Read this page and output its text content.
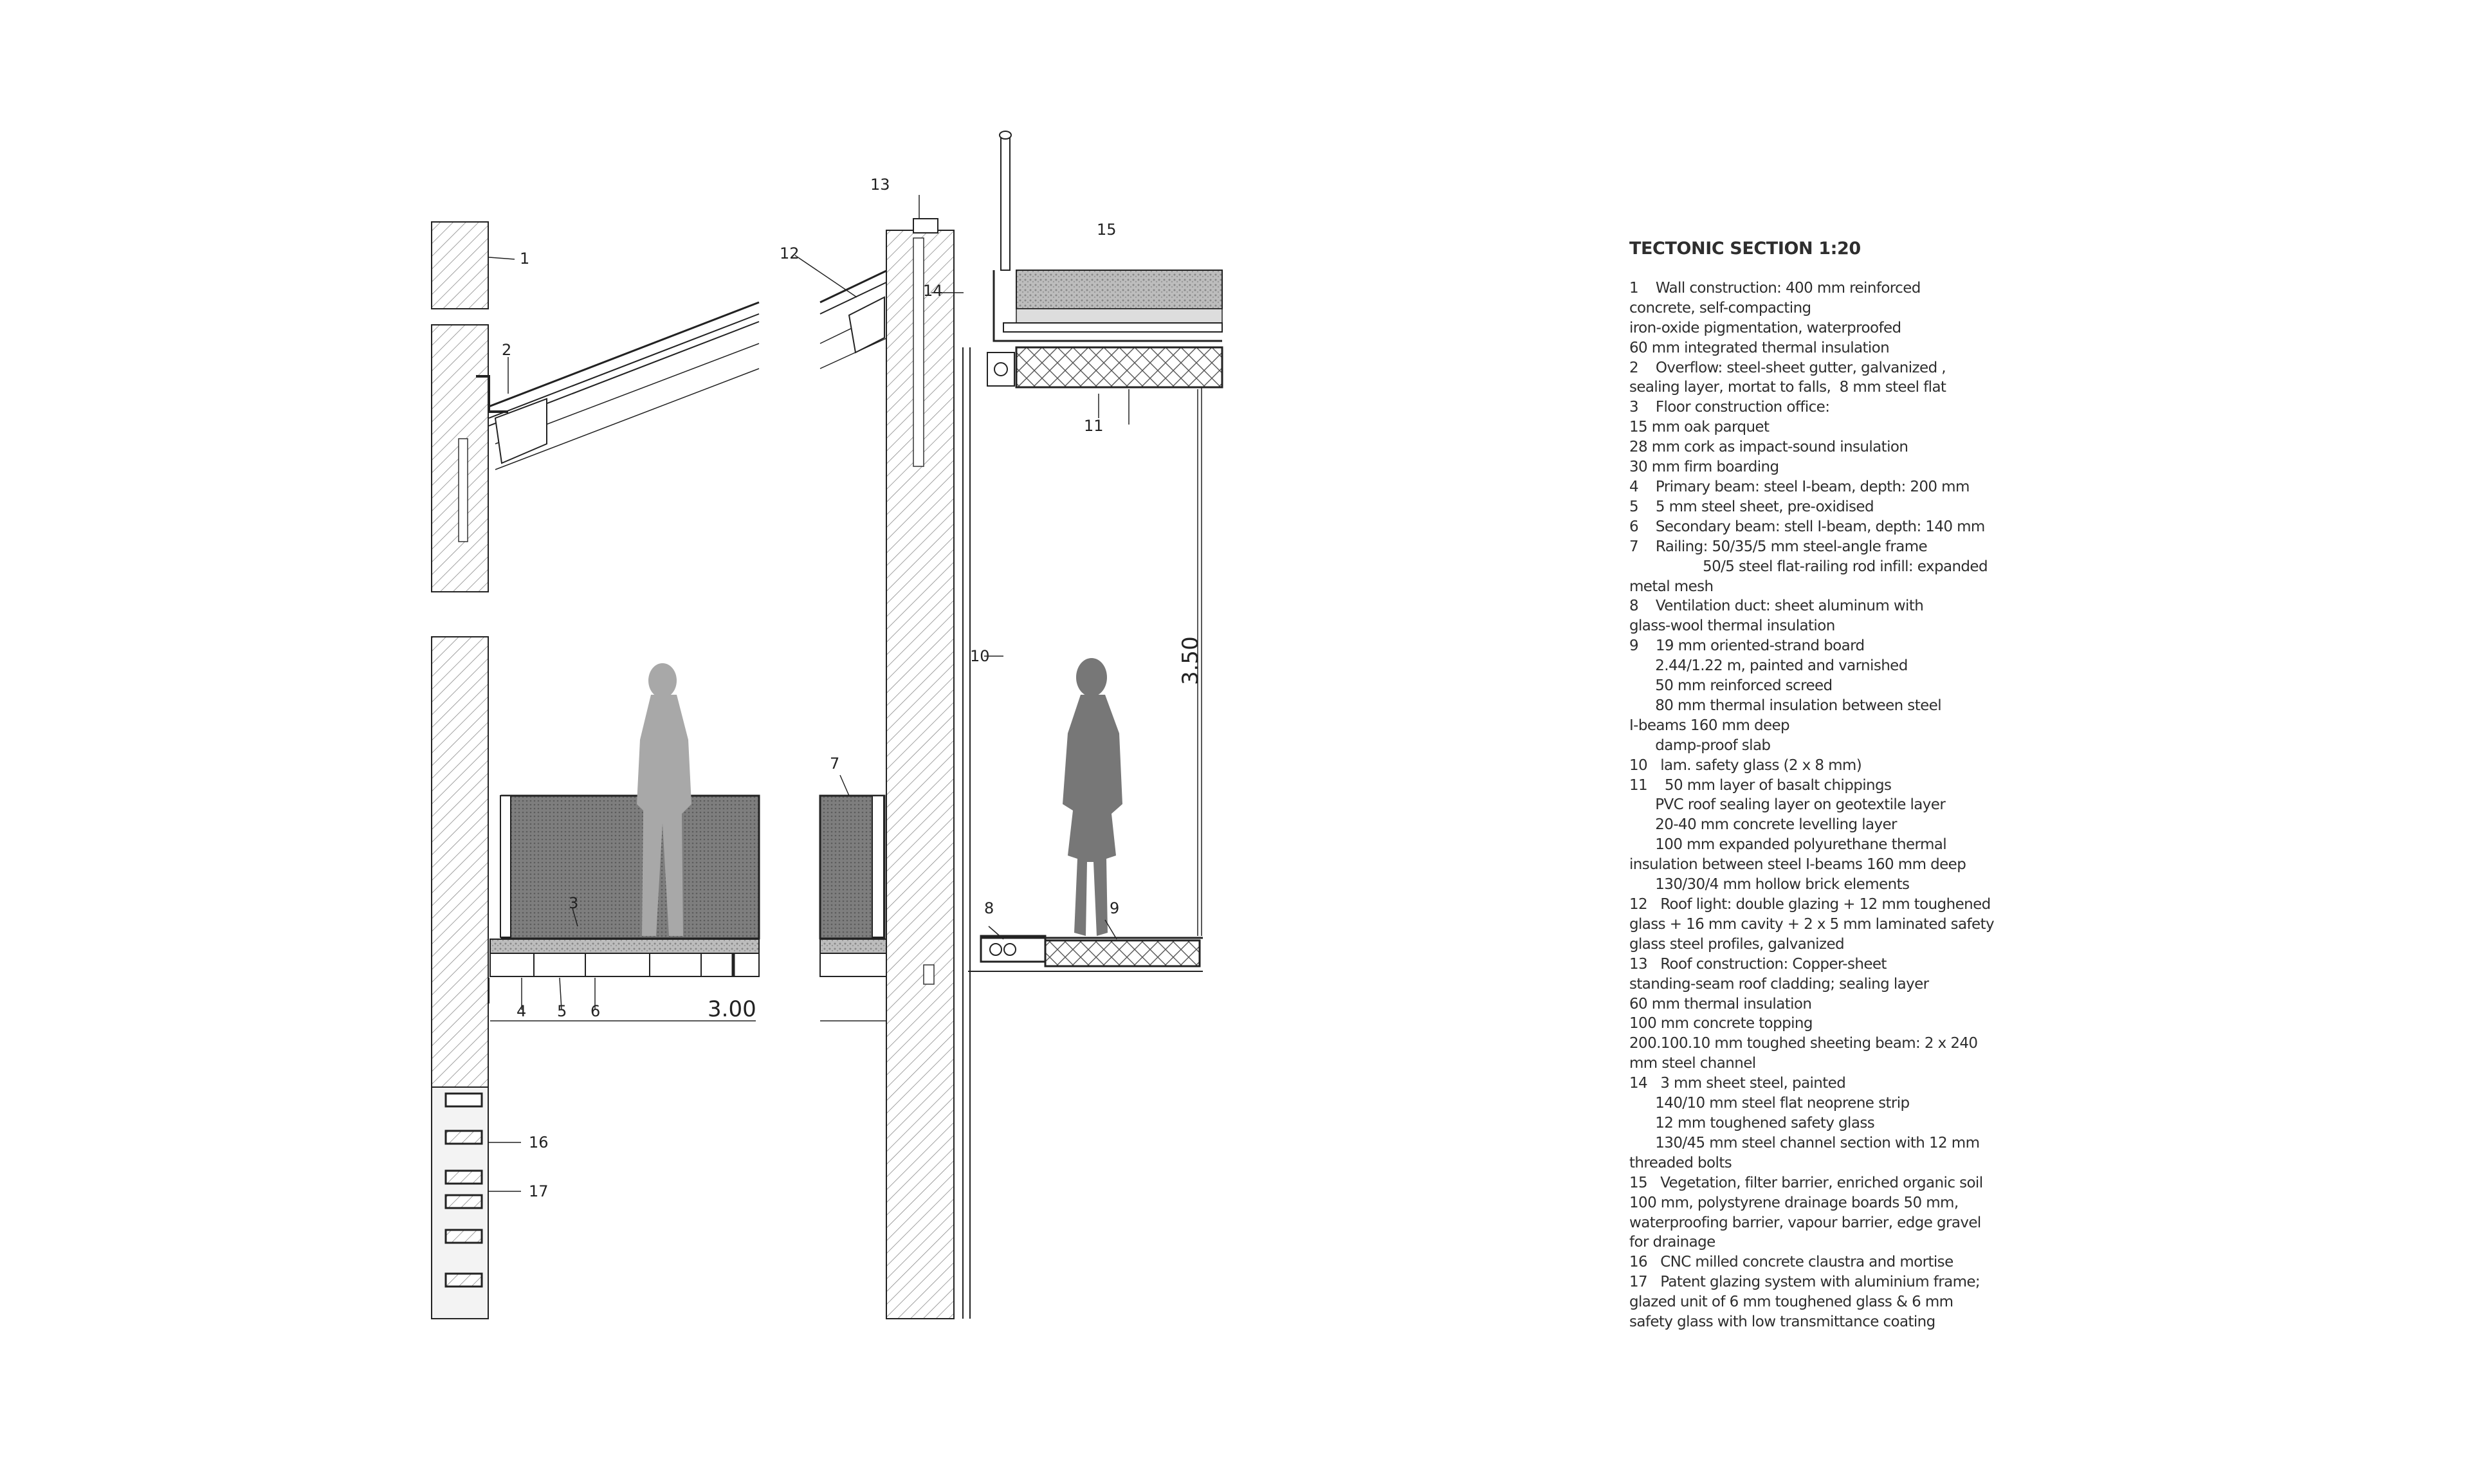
3.00
3.50
1
2
3
4 5 6
7
8	9
10
11
12
13
14
15
16
17
TECTONIC SECTION 1:20
1    Wall construction: 400 mm reinforced
concrete, self-compacting
iron-oxide pigmentation, waterproofed
60 mm integrated thermal insulation
2    Overflow: steel-sheet gutter, galvanized ,
sealing layer, mortat to falls,  8 mm steel flat
3    Floor construction office:
15 mm oak parquet
28 mm cork as impact-sound insulation
30 mm firm boarding
4    Primary beam: steel I-beam, depth: 200 mm
5    5 mm steel sheet, pre-oxidised
6    Secondary beam: stell I-beam, depth: 140 mm
7    Railing: 50/35/5 mm steel-angle frame
50/5 steel flat-railing rod infill: expanded
metal mesh
8    Ventilation duct: sheet aluminum with
glass-wool thermal insulation
9    19 mm oriented-strand board
2.44/1.22 m, painted and varnished
50 mm reinforced screed
80 mm thermal insulation between steel
I-beams 160 mm deep
damp-proof slab
10   lam. safety glass (2 x 8 mm)
11    50 mm layer of basalt chippings
PVC roof sealing layer on geotextile layer
20-40 mm concrete levelling layer
100 mm expanded polyurethane thermal
insulation between steel I-beams 160 mm deep
130/30/4 mm hollow brick elements
12   Roof light: double glazing + 12 mm toughened
glass + 16 mm cavity + 2 x 5 mm laminated safety
glass steel profiles, galvanized
13   Roof construction: Copper-sheet
standing-seam roof cladding; sealing layer
60 mm thermal insulation
100 mm concrete topping
200.100.10 mm toughed sheeting beam: 2 x 240
mm steel channel
14   3 mm sheet steel, painted
140/10 mm steel flat neoprene strip
12 mm toughened safety glass
130/45 mm steel channel section with 12 mm
threaded bolts
15   Vegetation, filter barrier, enriched organic soil
100 mm, polystyrene drainage boards 50 mm,
waterproofing barrier, vapour barrier, edge gravel
for drainage
16   CNC milled concrete claustra and mortise
17   Patent glazing system with aluminium frame;
glazed unit of 6 mm toughened glass & 6 mm
safety glass with low transmittance coating
